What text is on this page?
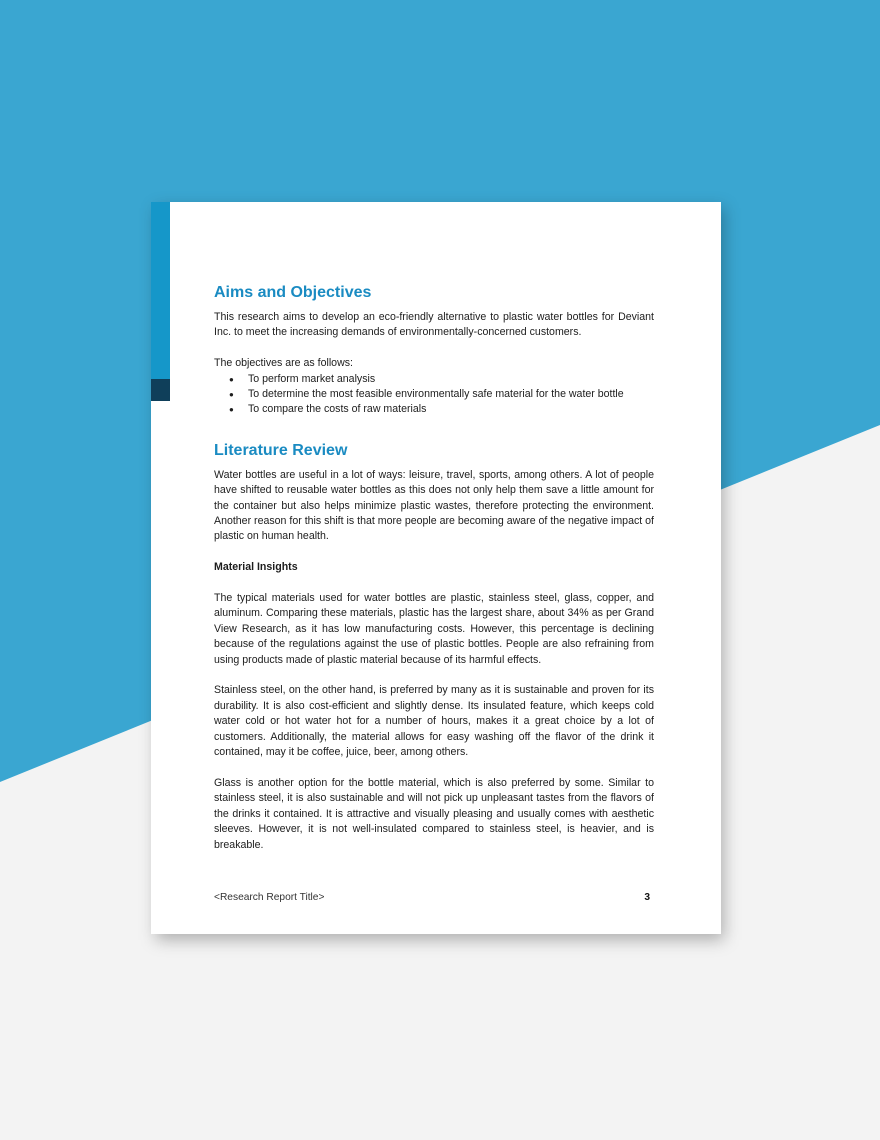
Aims and Objectives

This research aims to develop an eco-friendly alternative to plastic water bottles for Deviant Inc. to meet the increasing demands of environmentally-concerned customers.

The objectives are as follows:

● To perform market analysis
● To determine the most feasible environmentally safe material for the water bottle
● To compare the costs of raw materials
Literature Review

Water bottles are useful in a lot of ways: leisure, travel, sports, among others. A lot of people have shifted to reusable water bottles as this does not only help them save a little amount for the container but also helps minimize plastic wastes, therefore protecting the environment. Another reason for this shift is that more people are becoming aware of the negative impact of plastic on human health.

Material Insights

The typical materials used for water bottles are plastic, stainless steel, glass, copper, and aluminum. Comparing these materials, plastic has the largest share, about 34% as per Grand View Research, as it has low manufacturing costs. However, this percentage is declining because of the regulations against the use of plastic bottles. People are also refraining from using products made of plastic material because of its harmful effects.

Stainless steel, on the other hand, is preferred by many as it is sustainable and proven for its durability. It is also cost-efficient and slightly dense. Its insulated feature, which keeps cold water cold or hot water hot for a number of hours, makes it a great choice by a lot of customers. Additionally, the material allows for easy washing off the flavor of the drink it contained, may it be coffee, juice, beer, among others.

Glass is another option for the bottle material, which is also preferred by some. Similar to stainless steel, it is also sustainable and will not pick up unpleasant tastes from the flavors of the drinks it contained. It is attractive and visually pleasing and usually comes with aesthetic sleeves. However, it is not well-insulated compared to stainless steel, is heavier, and is breakable.

<Research Report Title>	3
